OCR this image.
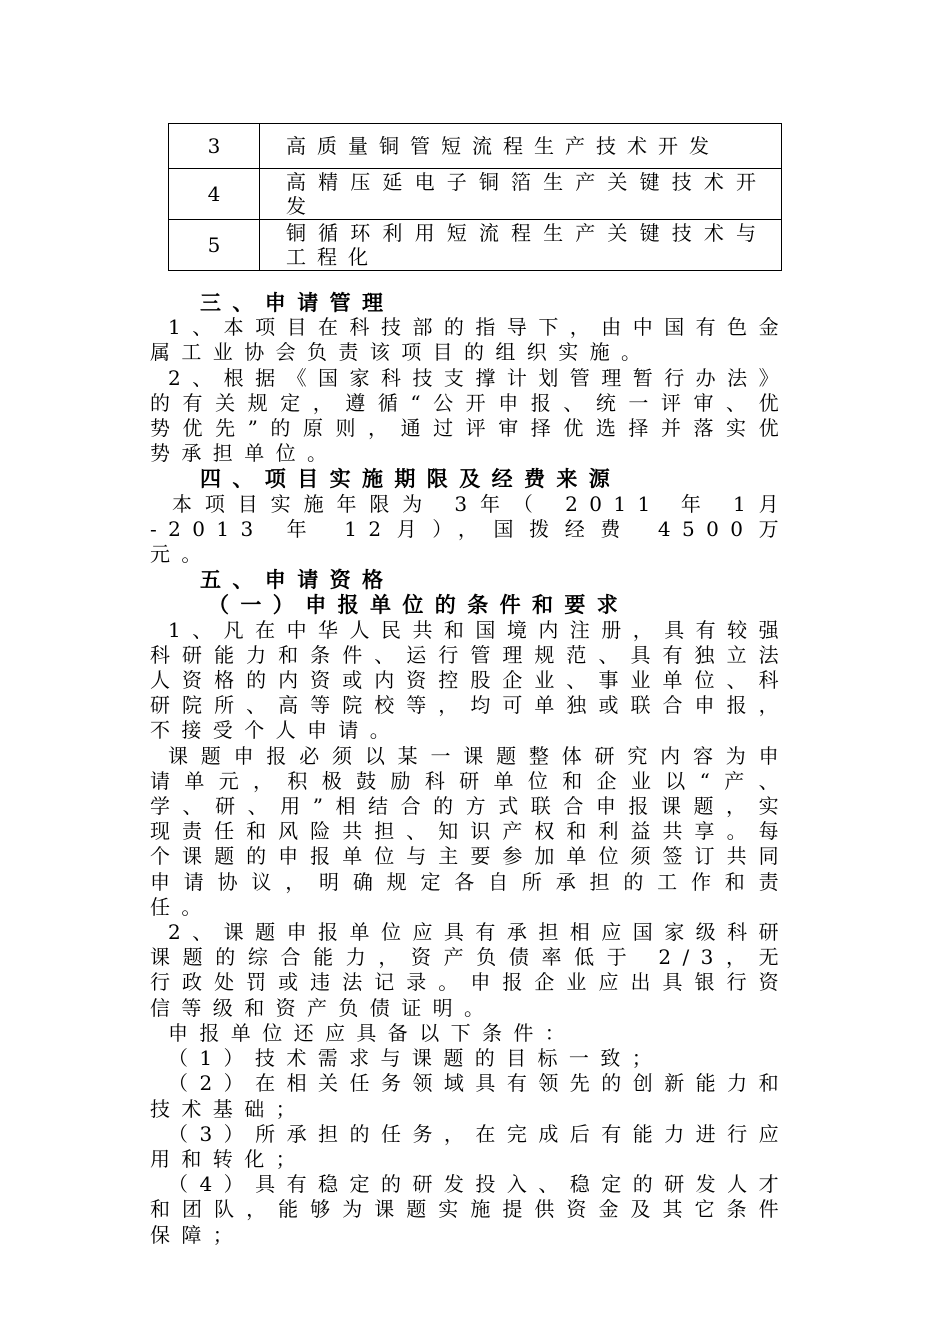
3	高质量铜管短流程生产技术开发
4	高精压延电子铜箔生产关键技术开发
5	铜循环利用短流程生产关键技术与工程化

三、申请管理

1、本项目在科技部的指导下，由中国有色金属工业协会负责该项目的组织实施。

2、根据《国家科技支撑计划管理暂行办法》的有关规定，遵循“公开申报、统一评审、优势优先”的原则，通过评审择优选择并落实优势承担单位。

四、项目实施期限及经费来源

本项目实施年限为 3年（ 2011 年 1月 -2013 年 12月），国拨经费 4500万元。

五、申请资格

（一）申报单位的条件和要求

1、凡在中华人民共和国境内注册，具有较强科研能力和条件、运行管理规范、具有独立法人资格的内资或内资控股企业、事业单位、科研院所、高等院校等，均可单独或联合申报，不接受个人申请。

课题申报必须以某一课题整体研究内容为申请单元，积极鼓励科研单位和企业以“产、学、研、用”相结合的方式联合申报课题，实现责任和风险共担、知识产权和利益共享。每个课题的申报单位与主要参加单位须签订共同申请协议，明确规定各自所承担的工作和责任。

2、课题申报单位应具有承担相应国家级科研课题的综合能力，资产负债率低于 2/3，无行政处罚或违法记录。申报企业应出具银行资信等级和资产负债证明。

申报单位还应具备以下条件：

（1）技术需求与课题的目标一致；

（2）在相关任务领域具有领先的创新能力和技术基础；

（3）所承担的任务，在完成后有能力进行应用和转化；

（4）具有稳定的研发投入、稳定的研发人才和团队，能够为课题实施提供资金及其它条件保障；
